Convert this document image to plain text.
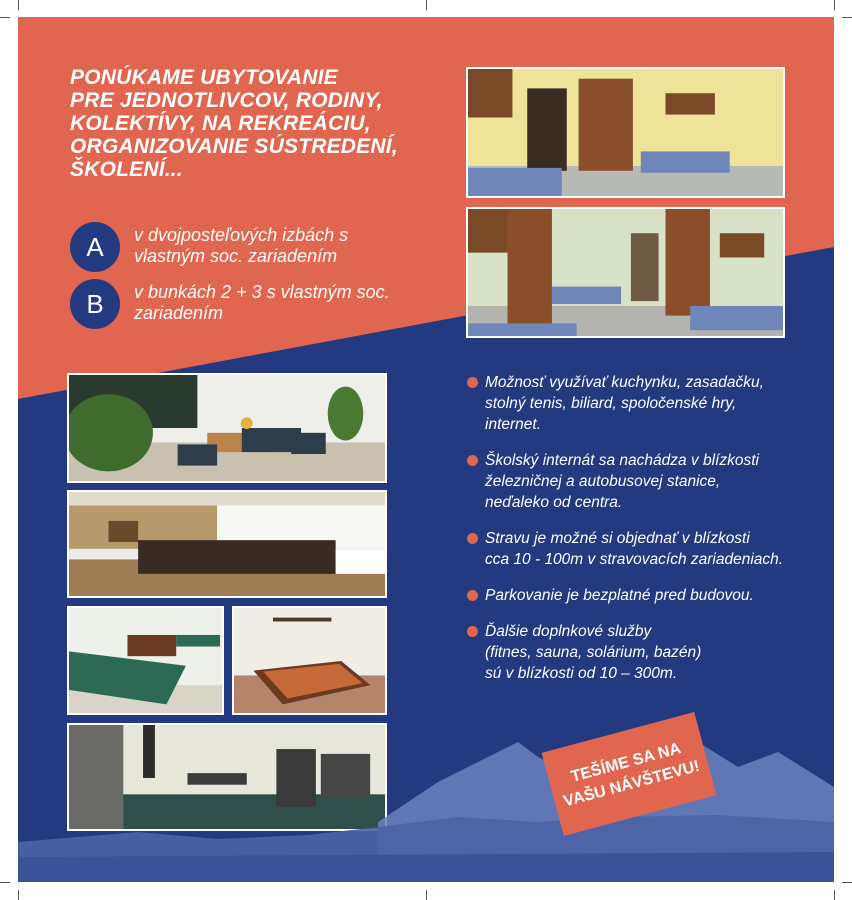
PONÚKAME UBYTOVANIE
PRE JEDNOTLIVCOV, RODINY,
KOLEKTÍVY, NA REKREÁCIU,
ORGANIZOVANIE SÚSTREDENÍ,
ŠKOLENÍ...

A	v dvojposteľových izbách s vlastným soc. zariadením
B	v bunkách 2 + 3 s vlastným soc. zariadením
Možnosť využívať kuchynku, zasadačku,
stolný tenis, biliard, spoločenské hry,
internet.
Školský internát sa nachádza v blízkosti
železničnej a autobusovej stanice,
neďaleko od centra.
Stravu je možné si objednať v blízkosti
cca 10 - 100m v stravovacích zariadeniach.
Parkovanie je bezplatné pred budovou.
Ďalšie doplnkové služby
(fitnes, sauna, solárium, bazén)
sú v blízkosti od 10 – 300m.
TEŠÍME SA NA
VAŠU NÁVŠTEVU!
